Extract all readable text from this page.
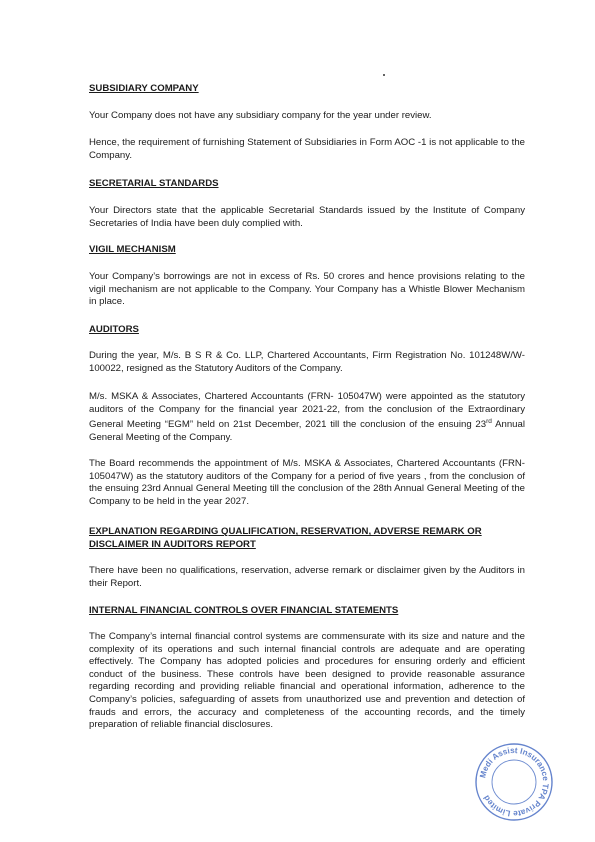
SUBSIDIARY COMPANY

Your Company does not have any subsidiary company for the year under review.

Hence, the requirement of furnishing Statement of Subsidiaries in Form AOC -1 is not applicable to the Company.

SECRETARIAL STANDARDS

Your Directors state that the applicable Secretarial Standards issued by the Institute of Company Secretaries of India have been duly complied with.

VIGIL MECHANISM

Your Company’s borrowings are not in excess of Rs. 50 crores and hence provisions relating to the vigil mechanism are not applicable to the Company. Your Company has a Whistle Blower Mechanism in place.

AUDITORS

During the year, M/s. B S R & Co. LLP, Chartered Accountants, Firm Registration No. 101248W/W-100022, resigned as the Statutory Auditors of the Company.

M/s. MSKA & Associates, Chartered Accountants (FRN- 105047W) were appointed as the statutory auditors of the Company for the financial year 2021-22, from the conclusion of the Extraordinary General Meeting “EGM” held on 21st December, 2021 till the conclusion of the ensuing 23rd Annual General Meeting of the Company.

The Board recommends the appointment of M/s. MSKA & Associates, Chartered Accountants (FRN- 105047W) as the statutory auditors of the Company for a period of five years , from the conclusion of the ensuing 23rd Annual General Meeting till the conclusion of the 28th Annual General Meeting of the Company to be held in the year 2027.

EXPLANATION REGARDING QUALIFICATION, RESERVATION, ADVERSE REMARK OR DISCLAIMER IN AUDITORS REPORT

There have been no qualifications, reservation, adverse remark or disclaimer given by the Auditors in their Report.

INTERNAL FINANCIAL CONTROLS OVER FINANCIAL STATEMENTS

The Company’s internal financial control systems are commensurate with its size and nature and the complexity of its operations and such internal financial controls are adequate and are operating effectively. The Company has adopted policies and procedures for ensuring orderly and efficient conduct of the business. These controls have been designed to provide reasonable assurance regarding recording and providing reliable financial and operational information, adherence to the Company’s policies, safeguarding of assets from unauthorized use and prevention and detection of frauds and errors, the accuracy and completeness of the accounting records, and the timely preparation of reliable financial disclosures.

Medi Assist Insurance TPA Private Limited
